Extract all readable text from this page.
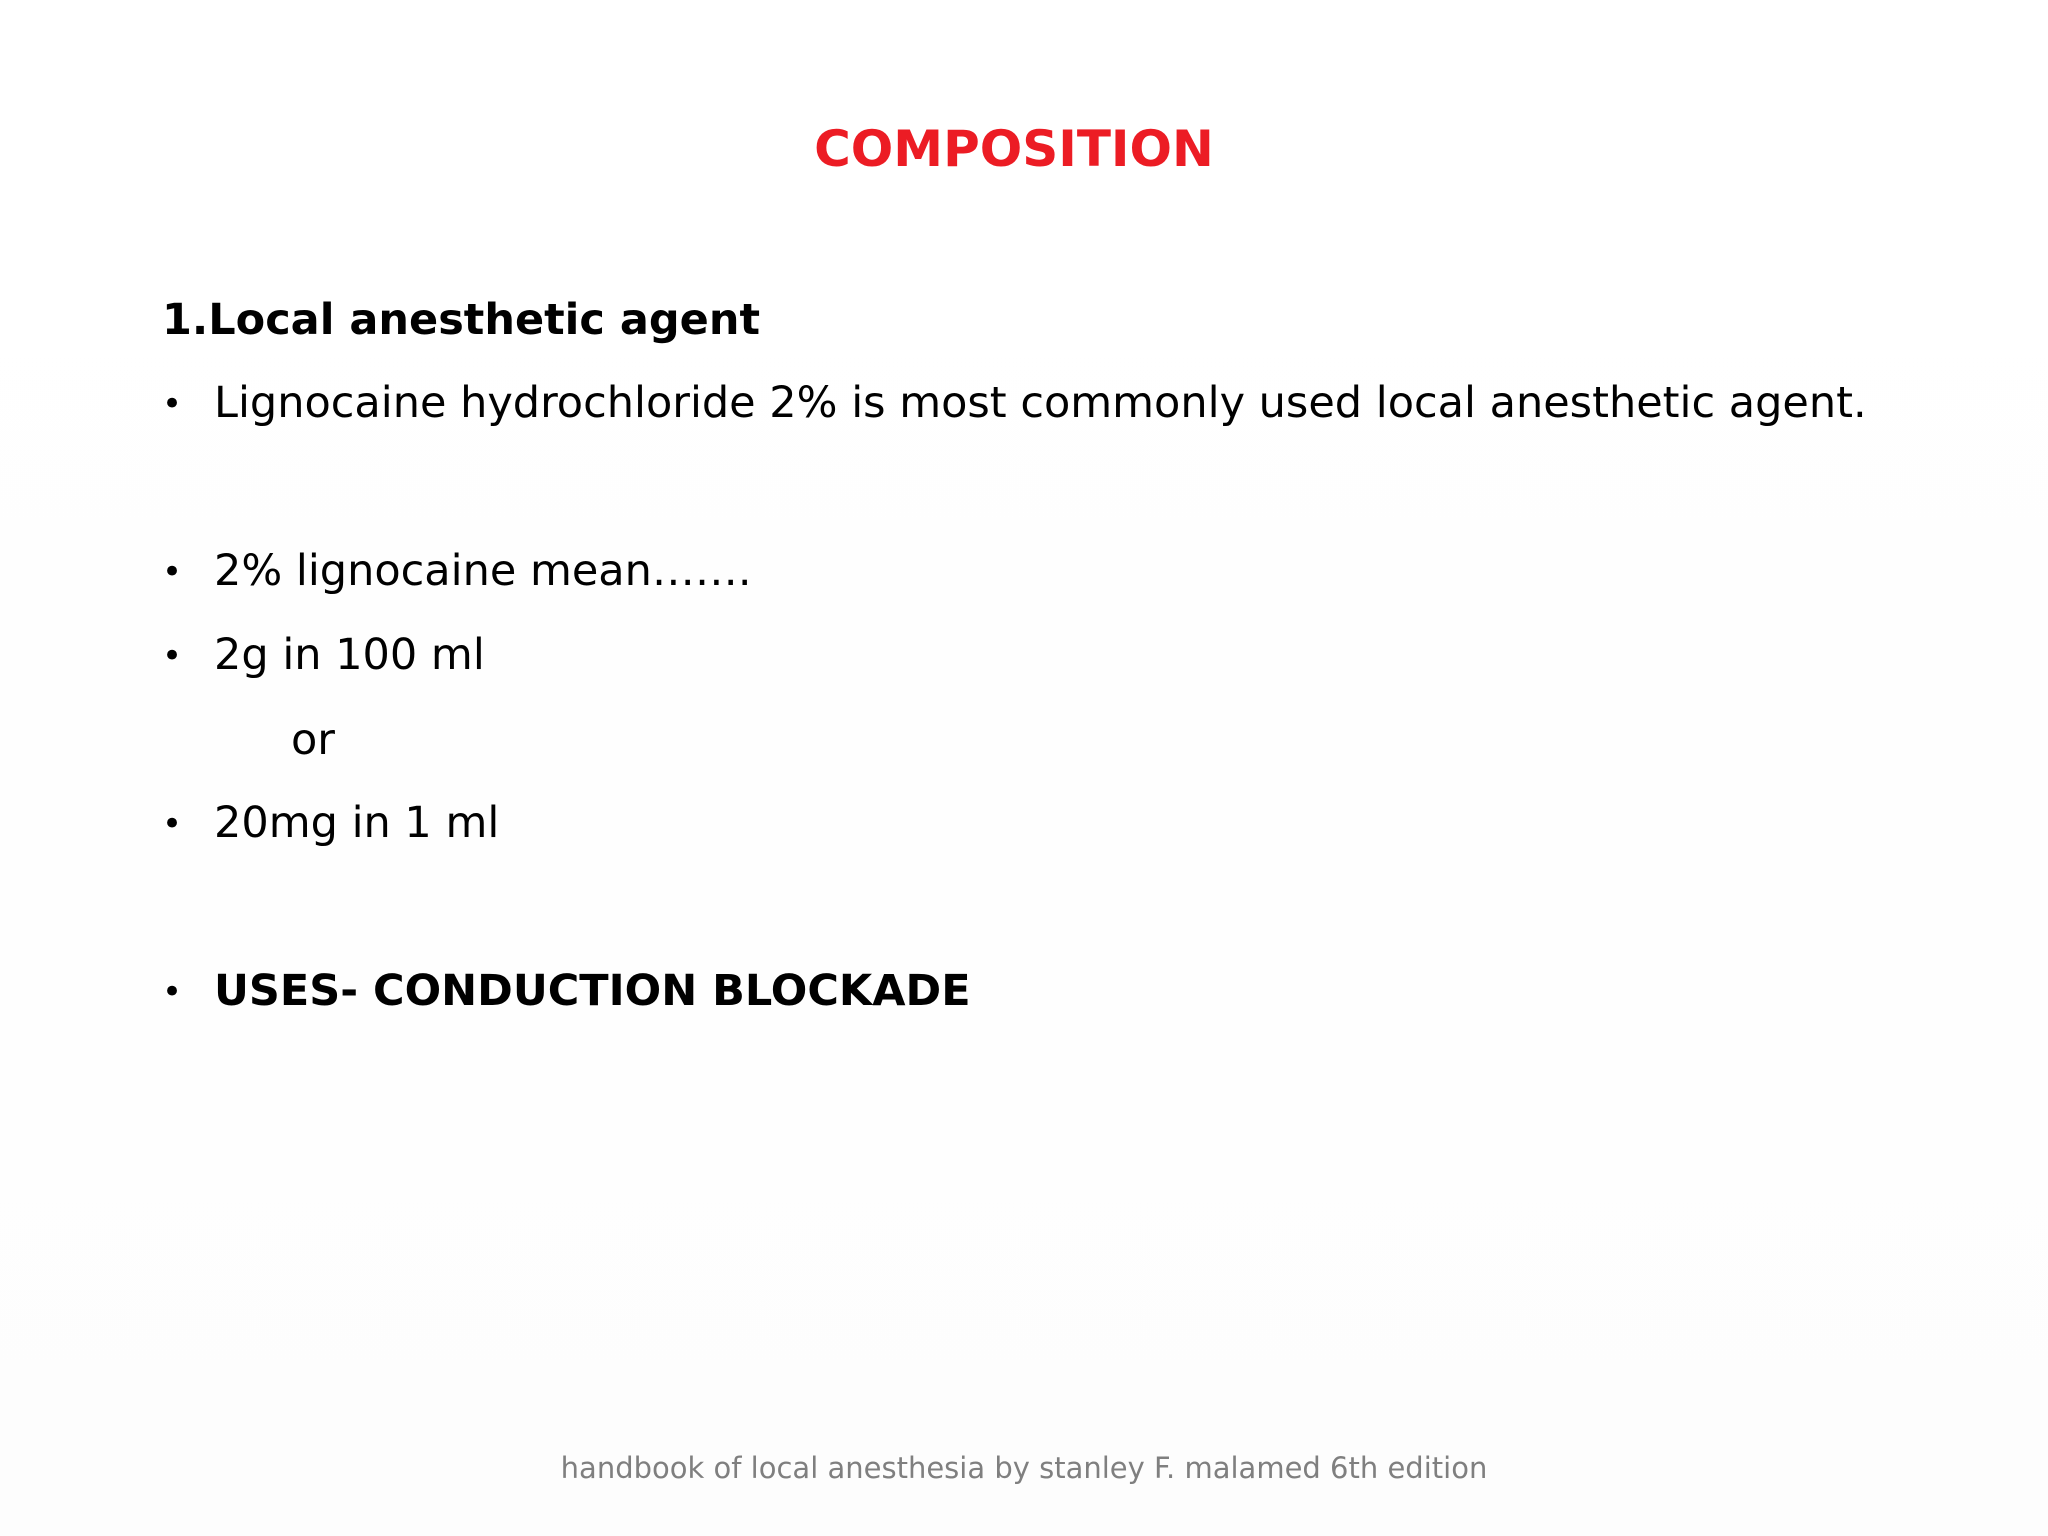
COMPOSITION
1.Local anesthetic agent
• Lignocaine hydrochloride 2% is most commonly used local anesthetic agent.
• 2% lignocaine mean…….
• 2g in 100 ml
or
• 20mg in 1 ml
• USES- CONDUCTION BLOCKADE
handbook of local anesthesia by stanley F. malamed 6th edition
